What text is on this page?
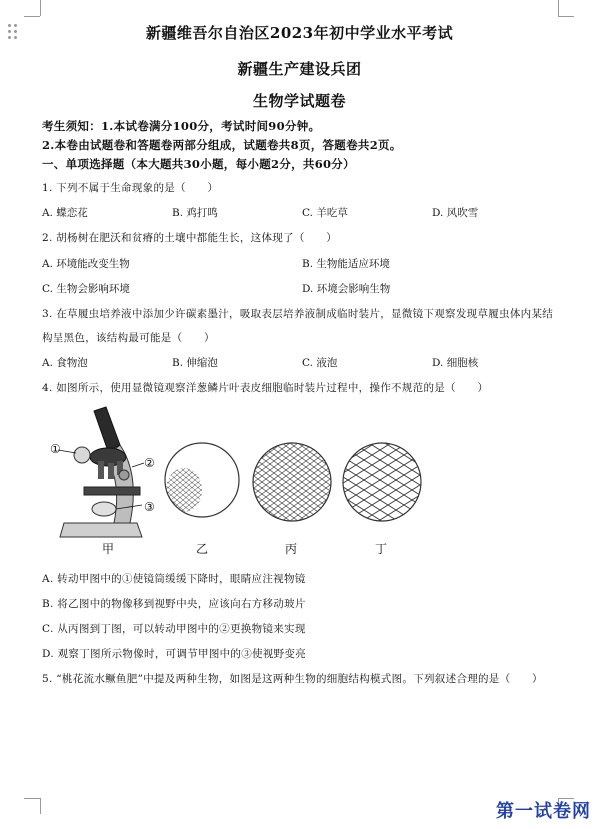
新疆维吾尔自治区2023年初中学业水平考试
新疆生产建设兵团
生物学试题卷
考生须知：1.本试卷满分100分，考试时间90分钟。
2.本卷由试题卷和答题卷两部分组成，试题卷共8页，答题卷共2页。
一、单项选择题（本大题共30小题，每小题2分，共60分）
1. 下列不属于生命现象的是（　　）
A. 蝶恋花	B. 鸡打鸣	C. 羊吃草	D. 风吹雪
2. 胡杨树在肥沃和贫瘠的土壤中都能生长，这体现了（　　）
A. 环境能改变生物	B. 生物能适应环境
C. 生物会影响环境	D. 环境会影响生物
3. 在草履虫培养液中添加少许碳素墨汁，吸取表层培养液制成临时装片，显微镜下观察发现草履虫体内某结
构呈黑色，该结构最可能是（　　）
A. 食物泡	B. 伸缩泡	C. 液泡	D. 细胞核
4. 如图所示，使用显微镜观察洋葱鳞片叶表皮细胞临时装片过程中，操作不规范的是（　　）
①
②
③
甲	乙	丙	丁
A. 转动甲图中的①使镜筒缓缓下降时，眼睛应注视物镜
B. 将乙图中的物像移到视野中央，应该向右方移动玻片
C. 从丙图到丁图，可以转动甲图中的②更换物镜来实现
D. 观察丁图所示物像时，可调节甲图中的③使视野变亮
5. “桃花流水鳜鱼肥”中提及两种生物，如图是这两种生物的细胞结构模式图。下列叙述合理的是（　　）
第一试卷网
